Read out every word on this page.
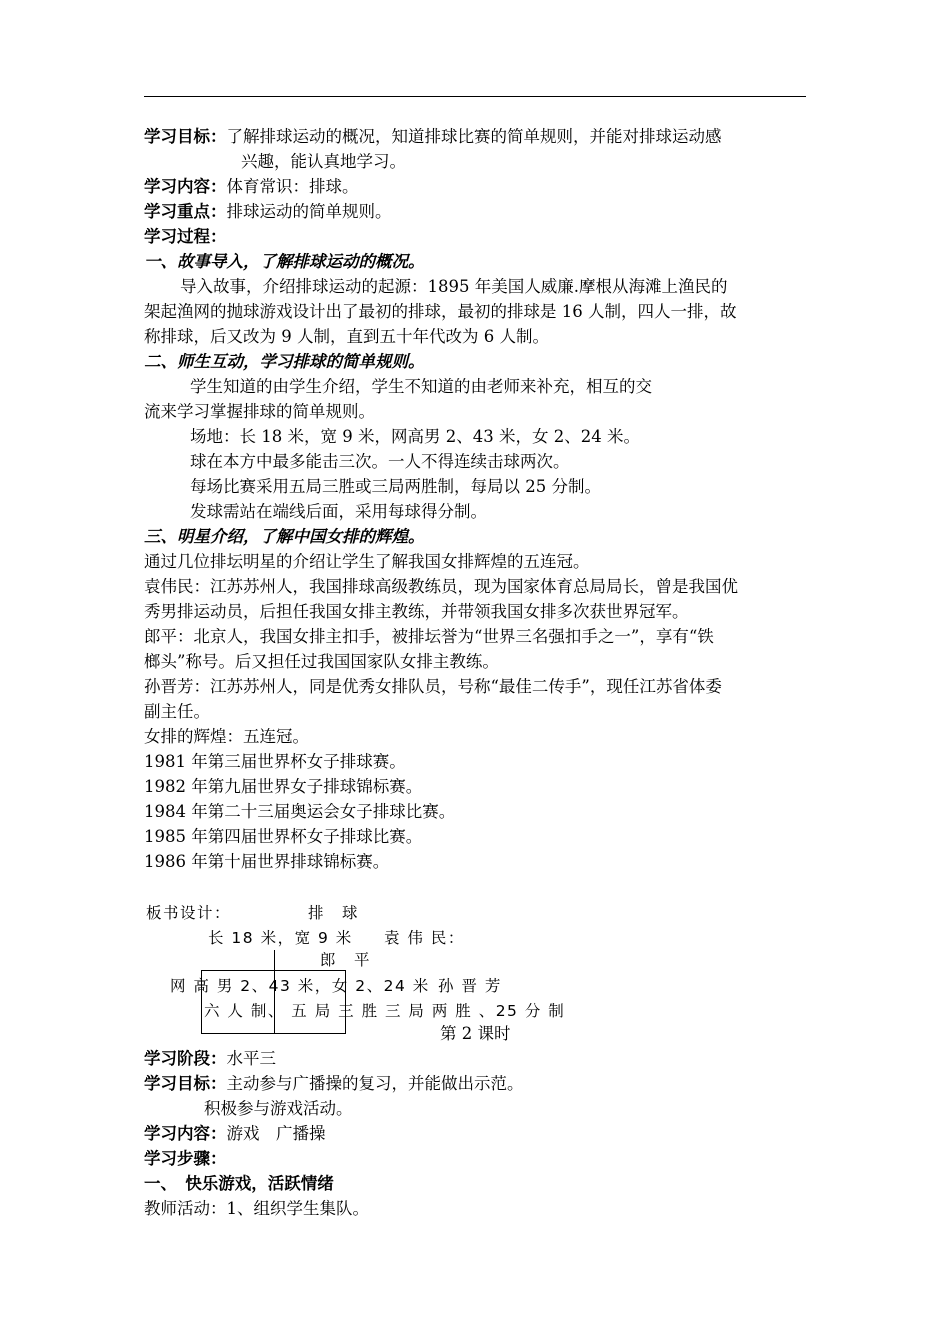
学习目标：了解排球运动的概况，知道排球比赛的简单规则，并能对排球运动感
兴趣，能认真地学习。
学习内容：体育常识：排球。
学习重点：排球运动的简单规则。
学习过程：
一、故事导入，了解排球运动的概况。
导入故事，介绍排球运动的起源：1895 年美国人威廉.摩根从海滩上渔民的
架起渔网的抛球游戏设计出了最初的排球，最初的排球是 16 人制，四人一排，故
称排球，后又改为 9 人制，直到五十年代改为 6 人制。
二、师生互动，学习排球的简单规则。
学生知道的由学生介绍，学生不知道的由老师来补充，相互的交
流来学习掌握排球的简单规则。
场地：长 18 米，宽 9 米，网高男 2、43 米，女 2、24 米。
球在本方中最多能击三次。一人不得连续击球两次。
每场比赛采用五局三胜或三局两胜制，每局以 25 分制。
发球需站在端线后面，采用每球得分制。
三、明星介绍，了解中国女排的辉煌。
通过几位排坛明星的介绍让学生了解我国女排辉煌的五连冠。
袁伟民：江苏苏州人，我国排球高级教练员，现为国家体育总局局长，曾是我国优
秀男排运动员，后担任我国女排主教练，并带领我国女排多次获世界冠军。
郎平：北京人，我国女排主扣手，被排坛誉为“世界三名强扣手之一”，享有“铁
榔头”称号。后又担任过我国国家队女排主教练。
孙晋芳：江苏苏州人，同是优秀女排队员，号称“最佳二传手”，现任江苏省体委
副主任。
女排的辉煌：五连冠。
1981 年第三届世界杯女子排球赛。
1982 年第九届世界女子排球锦标赛。
1984 年第二十三届奥运会女子排球比赛。
1985 年第四届世界杯女子排球比赛。
1986 年第十届世界排球锦标赛。
板书设计：	排　球
长 18 米，宽 9 米 袁 伟 民：
郎　平
网 高 男 2、43 米，女 2、24 米 孙 晋 芳
六 人 制、 五 局 三 胜 三 局 两 胜 、25 分 制
第 2 课时
学习阶段：水平三
学习目标：主动参与广播操的复习，并能做出示范。
积极参与游戏活动。
学习内容：游戏　广播操
学习步骤：
一、　快乐游戏，活跃情绪
教师活动：1、组织学生集队。
